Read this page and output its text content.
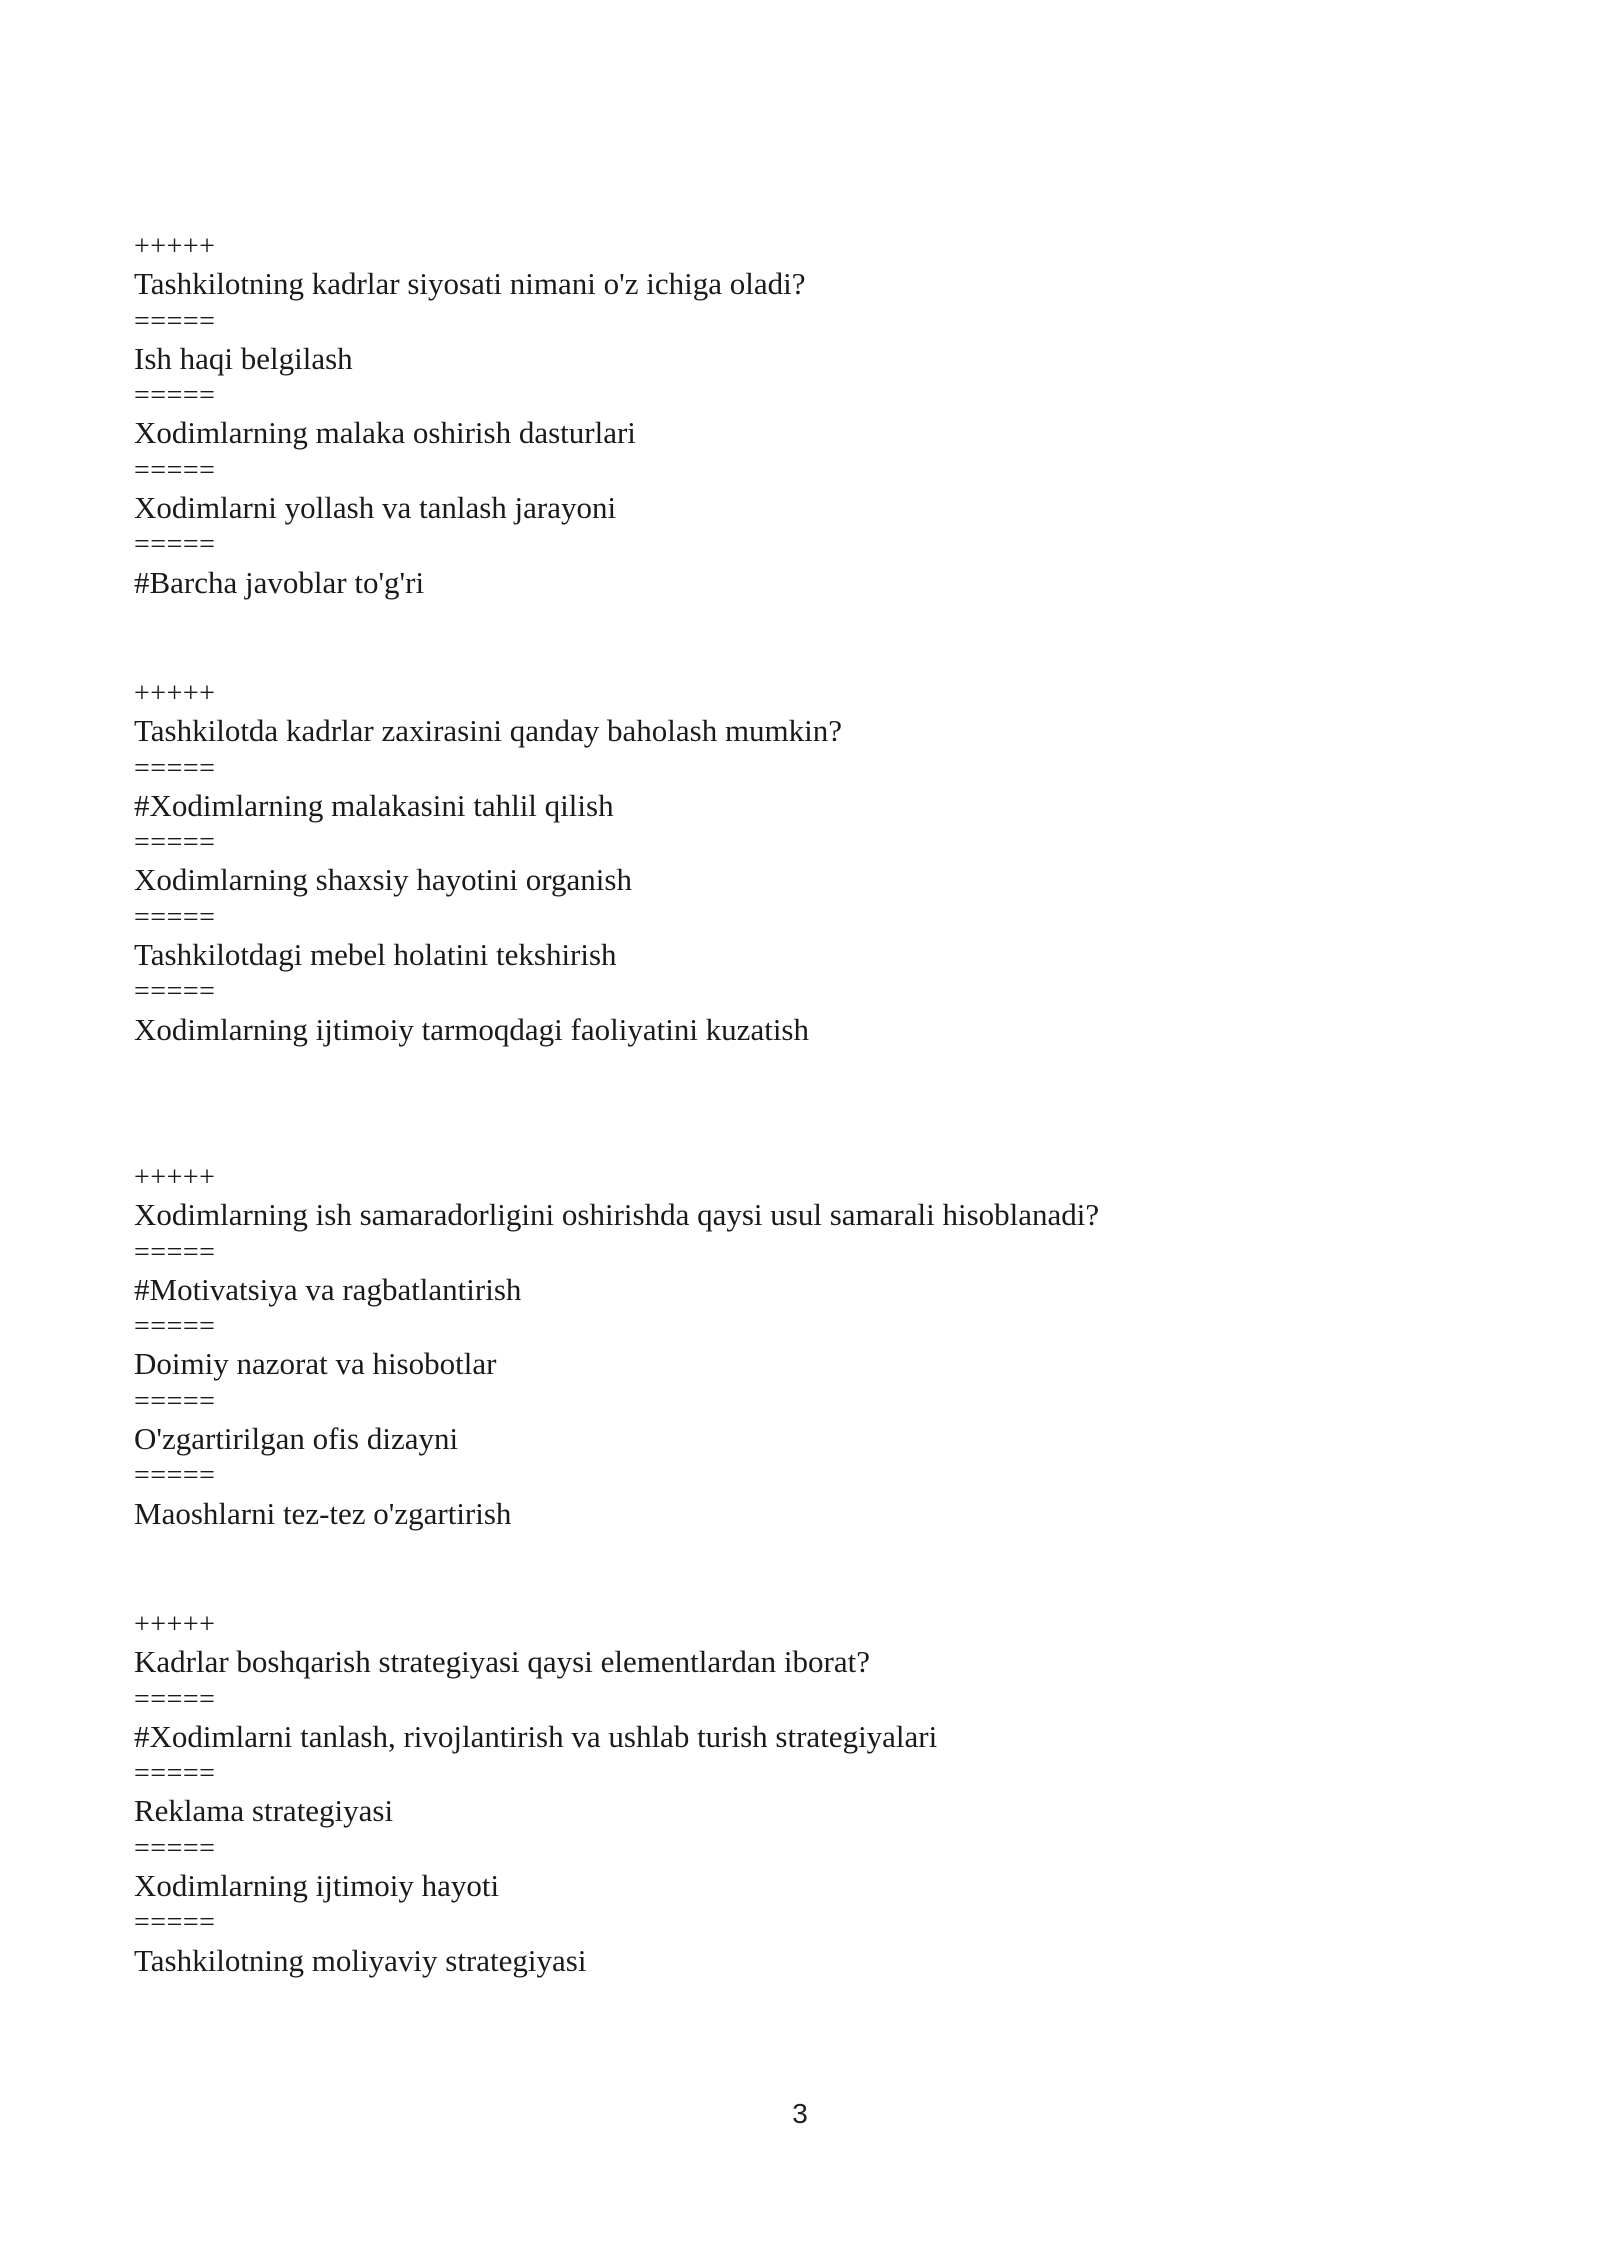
+++++
Tashkilotning kadrlar siyosati nimani o'z ichiga oladi?
=====
Ish haqi belgilash
=====
Xodimlarning malaka oshirish dasturlari
=====
Xodimlarni yollash va tanlash jarayoni
=====
#Barcha javoblar to'g'ri
+++++
Tashkilotda kadrlar zaxirasini qanday baholash mumkin?
=====
#Xodimlarning malakasini tahlil qilish
=====
Xodimlarning shaxsiy hayotini organish
=====
Tashkilotdagi mebel holatini tekshirish
=====
Xodimlarning ijtimoiy tarmoqdagi faoliyatini kuzatish
+++++
Xodimlarning ish samaradorligini oshirishda qaysi usul samarali hisoblanadi?
=====
#Motivatsiya va ragbatlantirish
=====
Doimiy nazorat va hisobotlar
=====
O'zgartirilgan ofis dizayni
=====
Maoshlarni tez-tez o'zgartirish
+++++
Kadrlar boshqarish strategiyasi qaysi elementlardan iborat?
=====
#Xodimlarni tanlash, rivojlantirish va ushlab turish strategiyalari
=====
Reklama strategiyasi
=====
Xodimlarning ijtimoiy hayoti
=====
Tashkilotning moliyaviy strategiyasi
3
